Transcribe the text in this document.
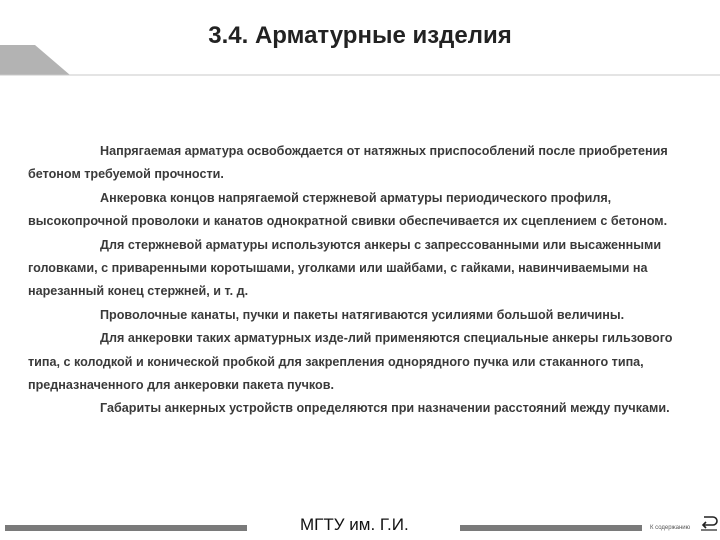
3.4. Арматурные изделия

Напрягаемая арматура освобождается от натяжных приспособлений после приобретения бетоном требуемой прочности.

Анкеровка концов напрягаемой стержневой арматуры периодического профиля, высокопрочной проволоки и канатов однократной свивки обеспечивается их сцеплением с бетоном.

Для стержневой арматуры используются анкеры с запрессованными или высаженными головками, с приваренными коротышами, уголками или шайбами, с гайками, навинчиваемыми на нарезанный конец стержней, и т. д.

Проволочные канаты, пучки и пакеты натягиваются усилиями большой величины.

Для анкеровки таких арматурных изде-лий применяются специальные анкеры гильзового типа, с колодкой и конической пробкой для закрепления однорядного пучка или стаканного типа, предназначенного для анкеровки пакета пучков.

Габариты анкерных устройств определяются при назначении расстояний между пучками.

МГТУ им. Г.И.	К содержанию
